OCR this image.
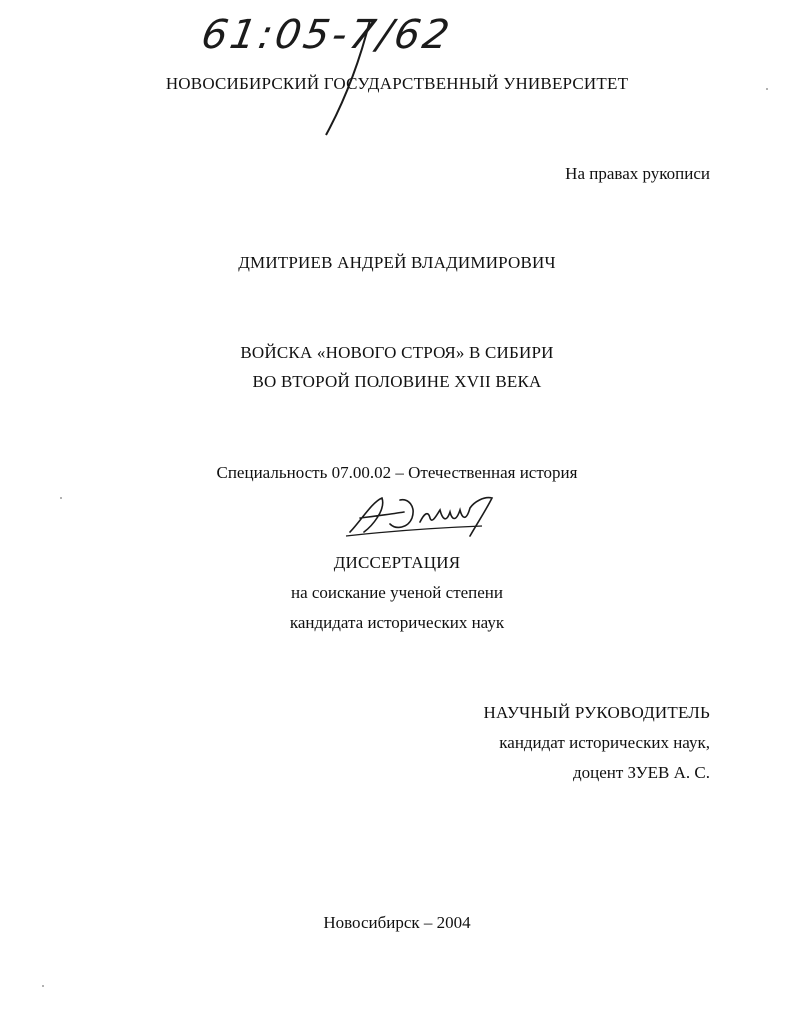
61:05-7/62
НОВОСИБИРСКИЙ ГОСУДАРСТВЕННЫЙ УНИВЕРСИТЕТ
На правах рукописи
ДМИТРИЕВ АНДРЕЙ ВЛАДИМИРОВИЧ
ВОЙСКА «НОВОГО СТРОЯ» В СИБИРИ
ВО ВТОРОЙ ПОЛОВИНЕ XVII ВЕКА
Специальность 07.00.02 – Отечественная история
ДИССЕРТАЦИЯ
на соискание ученой степени
кандидата исторических наук
НАУЧНЫЙ РУКОВОДИТЕЛЬ
кандидат исторических наук,
доцент ЗУЕВ А. С.
Новосибирск – 2004
